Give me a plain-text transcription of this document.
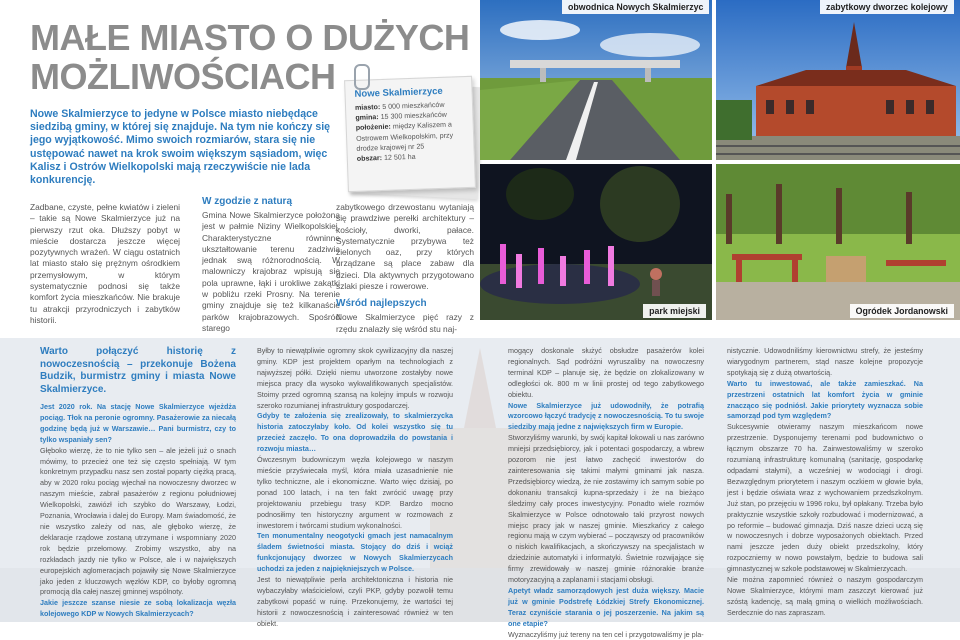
MAŁE MIASTO O DUŻYCH MOŻLIWOŚCIACH
Nowe Skalmierzyce to jedyne w Polsce miasto niebędące siedzibą gminy, w której się znajduje. Na tym nie kończy się jego wyjątkowość. Mimo swoich rozmiarów, stara się nie ustępować nawet na krok swoim większym sąsiadom, więc Kalisz i Ostrów Wielkopolski mają rzeczywiście nie lada konkurencję.

Zadbane, czyste, pełne kwiatów i zieleni – takie są Nowe Skalmierzyce już na pierwszy rzut oka. Dłuższy pobyt w mieście dostarcza jeszcze więcej pozytywnych wrażeń. W ciągu ostatnich lat miasto stało się prężnym ośrodkiem przemysłowym, w którym systematycznie podnosi się także komfort życia mieszkańców. Nie brakuje tu atrakcji przyrodniczych i zabytków historii.

W zgodzie z naturą

Gmina Nowe Skalmierzyce położona jest w pałmie Niziny Wielkopolskiej. Charakterystyczne równinne ukształtowanie terenu zadziwia jednak swą różnorodnością. W malowniczy krajobraz wpisują się pola uprawne, łąki i urokliwe zakątki w pobliżu rzeki Prosny. Na terenie gminy znajduje się też kilkanaście parków krajobrazowych. Spośród starego

zabytkowego drzewostanu wytaniają się prawdziwe perełki architektury – kościoły, dworki, pałace. Systematycznie przybywa też zielonych oaz, przy których urządzane są place zabaw dla dzieci. Dla aktywnych przygotowano szlaki piesze i rowerowe.

Wśród najlepszych

Nowe Skalmierzyce pięć razy z rzędu znalazły się wśród stu naj-

Nowe Skalmierzyce
miasto: 5 000 mieszkańców
gmina: 15 300 mieszkańców
położenie: między Kaliszem a Ostrowem Wielkopolskim, przy drodze krajowej nr 25
obszar: 12 501 ha
obwodnica Nowych Skalmierzyc	zabytkowy dworzec kolejowy
park miejski	Ogródek Jordanowski
Warto połączyć historię z nowoczesnością – przekonuje Bożena Budzik, burmistrz gminy i miasta Nowe Skalmierzyce.

Jest 2020 rok. Na stację Nowe Skalmierzyce wjeżdża pociąg. Tłok na peronie ogromny. Pasażerowie za niecałą godzinę będą już w Warszawie… Pani burmistrz, czy to tylko wspaniały sen?

Głęboko wierzę, że to nie tylko sen – ale jeżeli już o snach mówimy, to przecież one też się często spełniają. W tym konkretnym przypadku nasz sen został poparty ciężką pracą, aby w 2020 roku pociąg wjechał na nowoczesny dworzec w naszym mieście, zabrał pasażerów z regionu południowej Wielkopolski, zawiózł ich szybko do Warszawy, Łodzi, Poznania, Wrocławia i dalej do Europy. Mam świadomość, że nie wszystko zależy od nas, ale głęboko wierzę, że deklaracje rządowe zostaną utrzymane i wspomniany 2020 rok będzie przełomowy. Zrobimy wszystko, aby na rozkładach jazdy nie tylko w Polsce, ale i w największych europejskich aglomeracjach pojawiły się Nowe Skalmierzyce jako jeden z kluczowych węzłów KDP, co byłoby ogromną promocją dla całej naszej gminnej wspólnoty.

Jakie jeszcze szanse niesie ze sobą lokalizacja węzła kolejowego KDP w Nowych Skalmierzycach?

Byłby to niewątpliwie ogromny skok cywilizacyjny dla naszej gminy. KDP jest projektem oparłym na technologiach z najwyższej półki. Dzięki niemu utworzone zostałyby nowe miejsca pracy dla wysoko wykwalifikowanych specjalistów. Stoimy przed ogromną szansą na kolejny impuls w rozwoju szeroko rozumianej infrastruktury gospodarczej.

Gdyby te założenia się zrealizowały, to skalmierzycka historia zatoczyłaby koło. Od kolei wszystko się tu przecież zaczęło. To ona doprowadziła do powstania i rozwoju miasta…

Ówczesnym budowniczym węzła kolejowego w naszym mieście przyświecała myśl, która miała uzasadnienie nie tylko techniczne, ale i ekonomiczne. Warto więc dzisiaj, po ponad 100 latach, i na ten fakt zwrócić uwagę przy projektowaniu przebiegu trasy KDP. Bardzo mocno podnosiłimy ten historyczny argument w rozmowach z inwestorem i twórcami studium wykonalności.

Ten monumentalny neogotycki gmach jest namacalnym śladem świetności miasta. Stojący do dziś i wciąż funkcjonujący dworzec w Nowych Skalmierzycach uchodzi za jeden z najpiękniejszych w Polsce.

Jest to niewątpliwie perła architektoniczna i historia nie wybaczyłaby właścicielowi, czyli PKP, gdyby pozwolił temu zabytkowi popaść w ruinę. Przekonujemy, że wartości tej historii z nowoczesnością i zainteresować również w ten obiekt.

mogący doskonale służyć obsłudze pasażerów kolei regionalnych. Sąd podróżni wyruszaliby na nowoczesny terminal KDP – planuje się, że będzie on zlokalizowany w odległości ok. 800 m w linii prostej od tego zabytkowego obiektu.

Nowe Skalmierzyce już udowodniły, że potrafią wzorcowo łączyć tradycję z nowoczesnością. To tu swoje siedziby mają jedne z największych firm w Europie.

Stworzyliśmy warunki, by swój kapitał lokowali u nas zarówno mniejsi przedsiębiorcy, jak i potentaci gospodarczy, a wbrew pozorom nie jest łatwo zachęcić inwestorów do zainteresowania się takimi małymi gminami jak nasza. Przedsiębiorcy wiedzą, że nie zostawimy ich samym sobie po dokonaniu transakcji kupna-sprzedaży i że na bieżąco śledzimy cały proces inwestycyjny. Ponadto wiele rozmów Skalmierzyce w Polsce odnotowało taki przyrost nowych miejsc pracy jak w naszej gminie. Mieszkańcy z całego regionu mają w czym wybierać – począwszy od pracowników o niskich kwalifikacjach, a skończywszy na specjalistach w dziedzinie automatyki i informatyki. Świetnie rozwijające się firmy zrewidowały w naszej gminie różnorakie branże motoryzacyjną a zaplanami i stacjami obsługi.

Apetyt władz samorządowych jest duża większy. Macie już w gminie Podstrefę Łódzkiej Strefy Ekonomicznej. Teraz czyniście starania o jej poszerzenie. Na jakim są one etapie?

Wyznaczyliśmy już tereny na ten cel i przygotowaliśmy je pla-

nistycznie. Udowodniliśmy kierownictwu strefy, że jesteśmy wiarygodnym partnerem, stąd nasze kolejne propozycje spotykają się z dużą otwartością.

Warto tu inwestować, ale także zamieszkać. Na przestrzeni ostatnich lat komfort życia w gminie znacząco się podniósł. Jakie priorytety wyznacza sobie samorząd pod tym względem?

Sukcesywnie otwieramy naszym mieszkańcom nowe przestrzenie. Dysponujemy terenami pod budownictwo o łącznym obszarze 70 ha. Zainwestowaliśmy w szeroko rozumianą infrastrukturę komunalną (sanitację, gospodarkę odpadami stałymi), a wcześniej w wodociągi i drogi. Bezwzględnym priorytetem i naszym oczkiem w głowie była, jest i będzie oświata wraz z wychowaniem przedszkolnym. Już stan, po przejęciu w 1996 roku, był opłakany. Trzeba było praktycznie wszystkie szkoły rozbudować i modernizować, a po reformie – budować gimnazja. Dziś nasze dzieci uczą się w nowoczesnych i dobrze wyposażonych obiektach. Przed nami jeszcze jeden duży obiekt przedszkolny, który rozpoczniemy w nowo powstałym, będzie to budowa sali gimnastycznej w szkole podstawowej w Skalmierzycach.

Nie można zapomnieć również o naszym gospodarczym Nowe Skalmierzyce, którymi mam zaszczyt kierować już szóstą kadencję, są małą gminą o wielkich możliwościach. Serdecznie do nas zapraszam.
